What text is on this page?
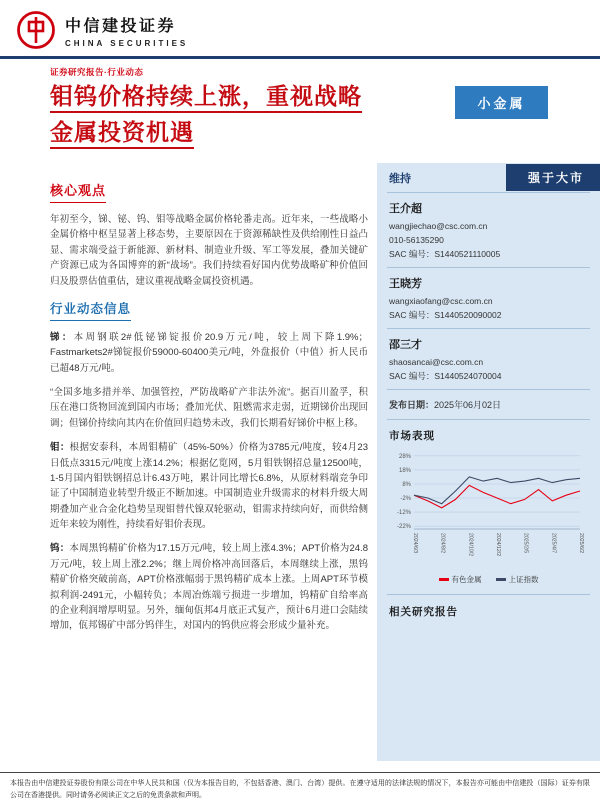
中信建投证券
CHINA SECURITIES
证券研究报告·行业动态
钼钨价格持续上涨，重视战略金属投资机遇
小金属
核心观点

年初至今，锑、铋、钨、钼等战略金属价格轮番走高。近年来，一些战略小金属价格中枢呈显著上移态势，主要原因在于资源稀缺性及供给刚性日益凸显、需求端受益于新能源、新材料、制造业升级、军工等发展，叠加关键矿产资源已成为各国博弈的新“战场”。我们持续看好国内优势战略矿种价值回归及股票估值重估，建议重视战略金属投资机遇。

行业动态信息

锑：本周钢联2#低铋锑锭报价20.9万元/吨，较上周下降1.9%；Fastmarkets2#锑锭报价59000-60400美元/吨，外盘报价（中值）折人民币已超48万元/吨。

“全国多地多措并举、加强管控，严防战略矿产非法外流”。据百川盈孚，积压在港口货物回流到国内市场；叠加光伏、阻燃需求走弱，近期锑价出现回调；但锑价持续向其内在价值回归趋势未改，我们长期看好锑价中枢上移。

钼：根据安泰科，本周钼精矿（45%-50%）价格为3785元/吨度，较4月23日低点3315元/吨度上涨14.2%；根据亿览网，5月钼铁钢招总量12500吨，1-5月国内钼铁钢招总计6.43万吨，累计同比增长6.8%，从原材料端竞争印证了中国制造业转型升级正不断加速。中国制造业升级需求的材料升级大周期叠加产业合金化趋势呈现钼替代镍双轮驱动，钼需求持续向好，而供给侧近年来较为刚性，持续看好钼价表现。

钨：本周黑钨精矿价格为17.15万元/吨，较上周上涨4.3%；APT价格为24.8万元/吨，较上周上涨2.2%；继上周价格冲高回落后，本周继续上涨，黑钨精矿价格突破前高，APT价格涨幅弱于黑钨精矿成本上涨。上周APT环节模拟利润-2491元，小幅转负；本周冶炼端亏损进一步增加，钨精矿自给率高的企业利润增厚明显。另外，缅甸佤邦4月底正式复产，预计6月进口会陆续增加，佤邦锡矿中部分钨伴生，对国内的钨供应将会形成少量补充。

维持	强于大市
王介超
wangjiechao@csc.com.cn
010-56135290
SAC 编号：S1440521110005
王晓芳
wangxiaofang@csc.com.cn
SAC 编号：S1440520090002
邵三才
shaosancai@csc.com.cn
SAC 编号：S1440524070004
发布日期：2025年06月02日
市场表现
28%
18%
8%
-2%
-12%
-22%
2024/6/3	2024/8/2	2024/10/2	2024/12/2	2025/2/5	2025/4/7	2025/6/2
有色金属	上证指数
相关研究报告

本报告由中信建投证券股份有限公司在中华人民共和国（仅为本报告目的，不包括香港、澳门、台湾）提供。在遵守适用的法律法规的情况下，本报告亦可能由中信建投（国际）证券有限公司在香港提供。同时请务必阅读正文之后的免责条款和声明。
